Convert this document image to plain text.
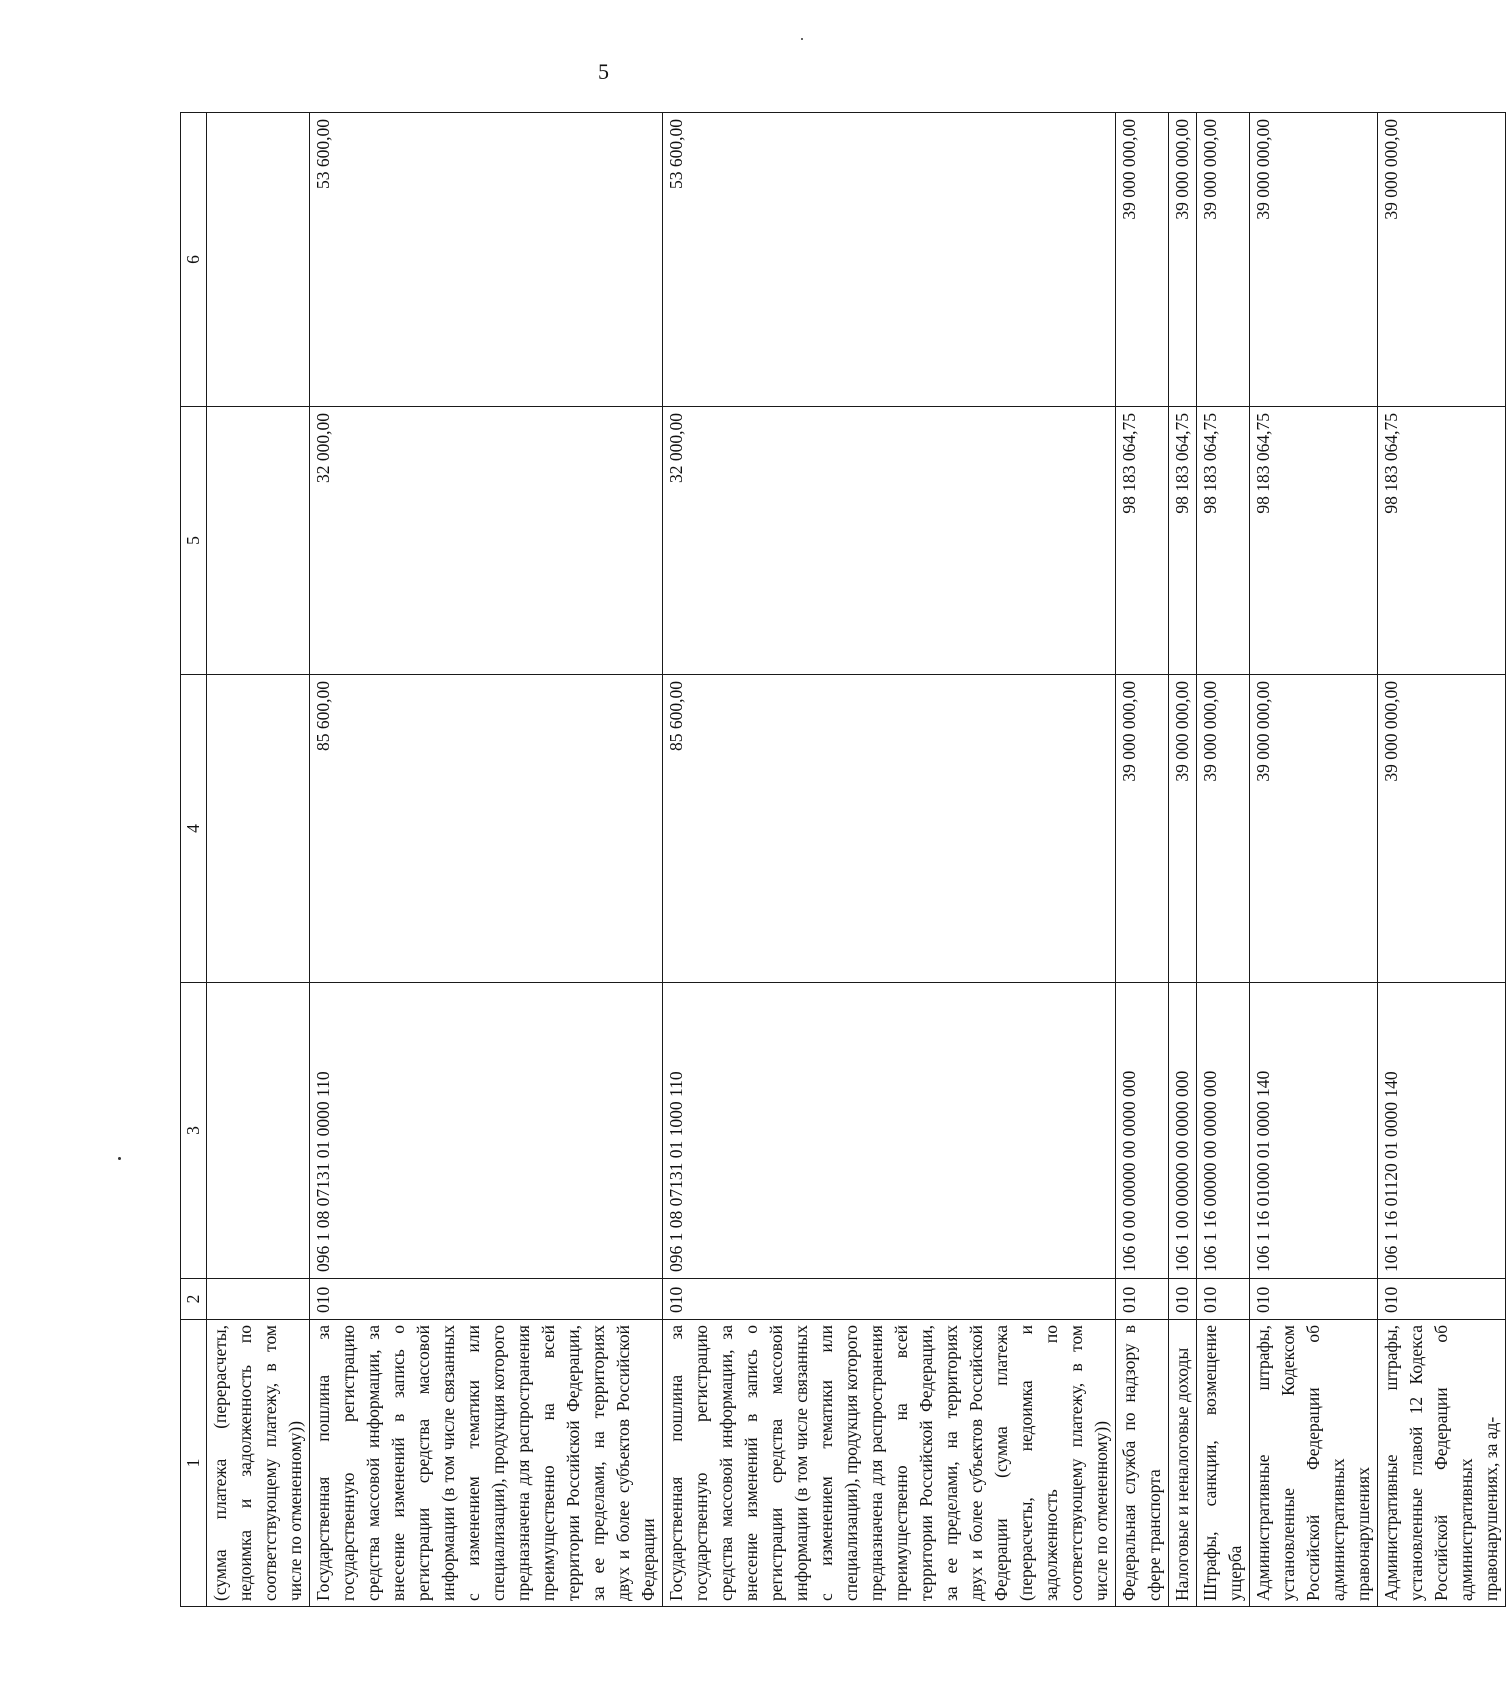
5
1	2	3	4	5	6
(сумма платежа (перерасчеты, недоимка и задолженность по соответствующему платежу, в том числе по отмененному))					
Государственная пошлина за государственную регистрацию средства массовой информации, за внесение изменений в запись о регистрации средства массовой информации (в том числе связанных с изменением тематики или специализации), продукция которого предназначена для распространения преимущественно на всей территории Российской Федерации, за ее пределами, на территориях двух и более субъектов Российской Федерации	010	096 1 08 07131 01 0000 110	85 600,00	32 000,00	53 600,00
Государственная пошлина за государственную регистрацию средства массовой информации, за внесение изменений в запись о регистрации средства массовой информации (в том числе связанных с изменением тематики или специализации), продукция которого предназначена для распространения преимущественно на всей территории Российской Федерации, за ее пределами, на территориях двух и более субъектов Российской Федерации (сумма платежа (перерасчеты, недоимка и задолженность по соответствующему платежу, в том числе по отмененному))	010	096 1 08 07131 01 1000 110	85 600,00	32 000,00	53 600,00
Федеральная служба по надзору в сфере транспорта	010	106 0 00 00000 00 0000 000	39 000 000,00	98 183 064,75	39 000 000,00
Налоговые и неналоговые доходы	010	106 1 00 00000 00 0000 000	39 000 000,00	98 183 064,75	39 000 000,00
Штрафы, санкции, возмещение ущерба	010	106 1 16 00000 00 0000 000	39 000 000,00	98 183 064,75	39 000 000,00
Административные штрафы, установленные Кодексом Российской Федерации об административных правонарушениях	010	106 1 16 01000 01 0000 140	39 000 000,00	98 183 064,75	39 000 000,00
Административные штрафы, установленные главой 12 Кодекса Российской Федерации об административных правонарушениях, за ад-	010	106 1 16 01120 01 0000 140	39 000 000,00	98 183 064,75	39 000 000,00
